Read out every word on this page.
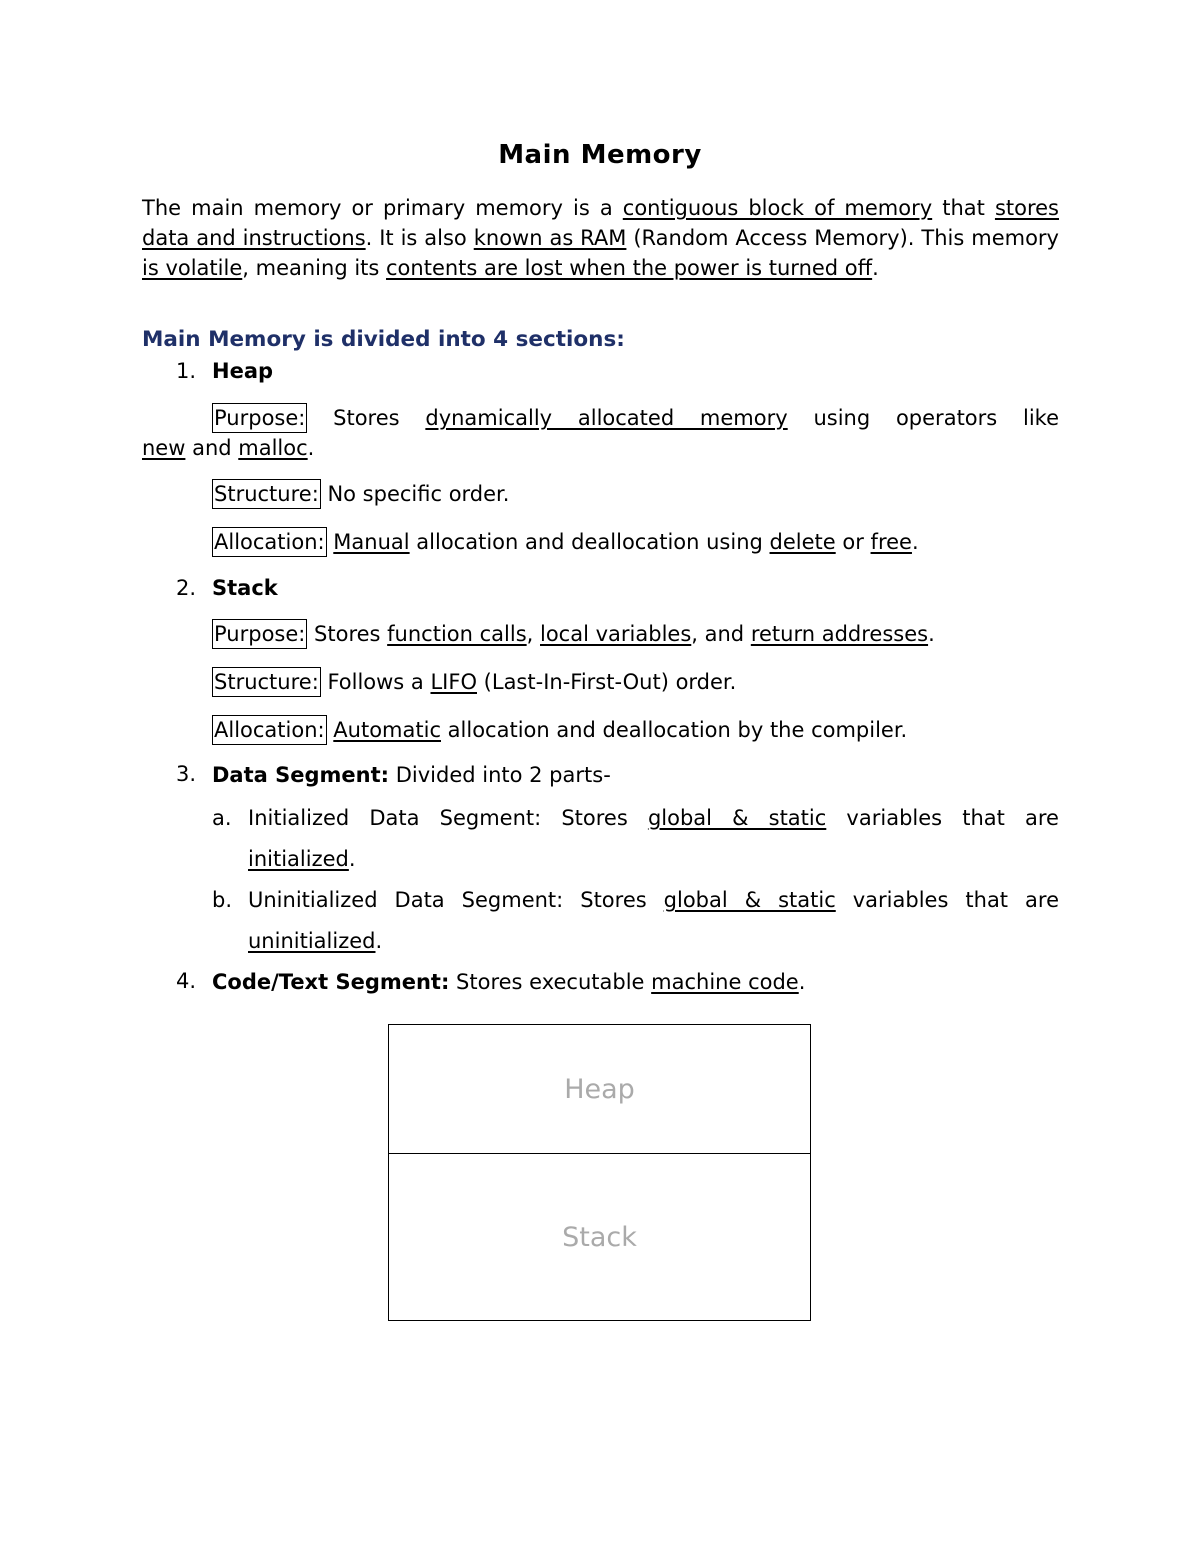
Main Memory
The main memory or primary memory is a contiguous block of memory that stores data and instructions. It is also known as RAM (Random Access Memory). This memory is volatile, meaning its contents are lost when the power is turned off.
Main Memory is divided into 4 sections:
1. Heap
Purpose: Stores dynamically allocated memory using operators like
new and malloc.
Structure: No specific order.
Allocation: Manual allocation and deallocation using delete or free.
2. Stack
Purpose: Stores function calls, local variables, and return addresses.
Structure: Follows a LIFO (Last-In-First-Out) order.
Allocation: Automatic allocation and deallocation by the compiler.
3. Data Segment: Divided into 2 parts-
a. Initialized Data Segment: Stores global & static variables that are
initialized.
b. Uninitialized Data Segment: Stores global & static variables that are
uninitialized.
4. Code/Text Segment: Stores executable machine code.
Heap
Stack
